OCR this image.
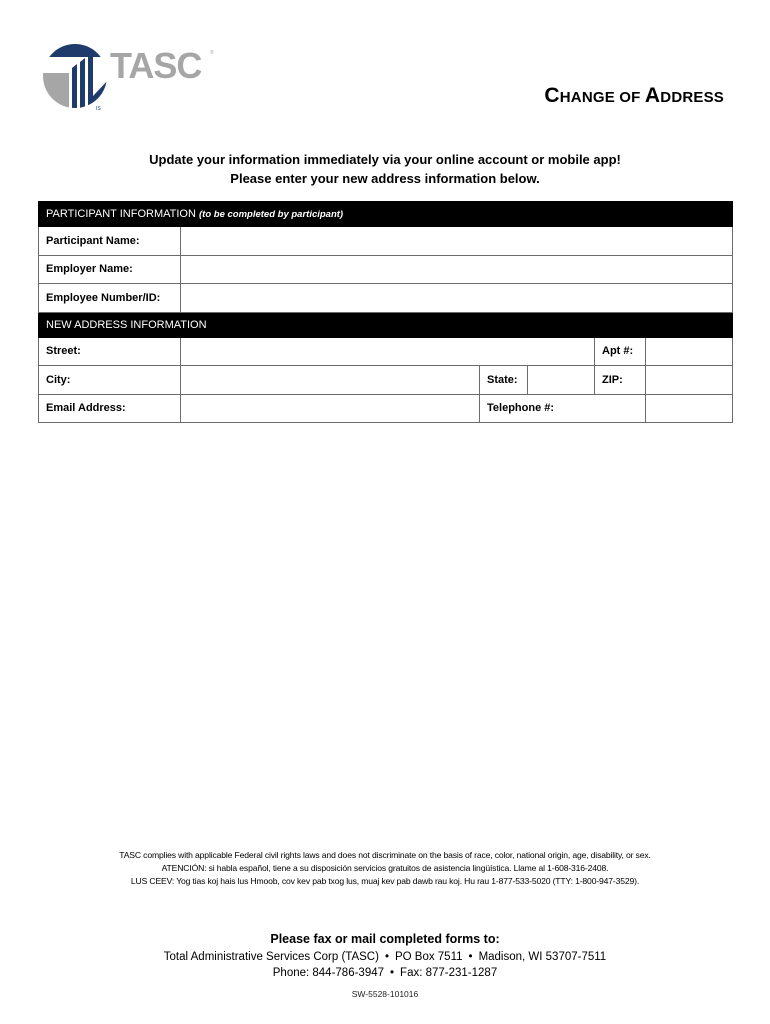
TASC ®
IS
CHANGE OF ADDRESS
Update your information immediately via your online account or mobile app!
Please enter your new address information below.
PARTICIPANT INFORMATION (to be completed by participant)					
Participant Name:	

Employer Name:	

Employee Number/ID:	

NEW ADDRESS INFORMATION					
Street:				Apt #:	

City:		State:		ZIP:	

Email Address:		Telephone #:	
TASC complies with applicable Federal civil rights laws and does not discriminate on the basis of race, color, national origin, age, disability, or sex.
ATENCIÓN: si habla español, tiene a su disposición servicios gratuitos de asistencia lingüística. Llame al 1-608-316-2408.
LUS CEEV: Yog tias koj hais lus Hmoob, cov kev pab txog lus, muaj kev pab dawb rau koj. Hu rau 1-877-533-5020 (TTY: 1-800-947-3529).
Please fax or mail completed forms to:
Total Administrative Services Corp (TASC) • PO Box 7511 • Madison, WI 53707-7511
Phone: 844-786-3947 • Fax: 877-231-1287
SW-5528-101016
